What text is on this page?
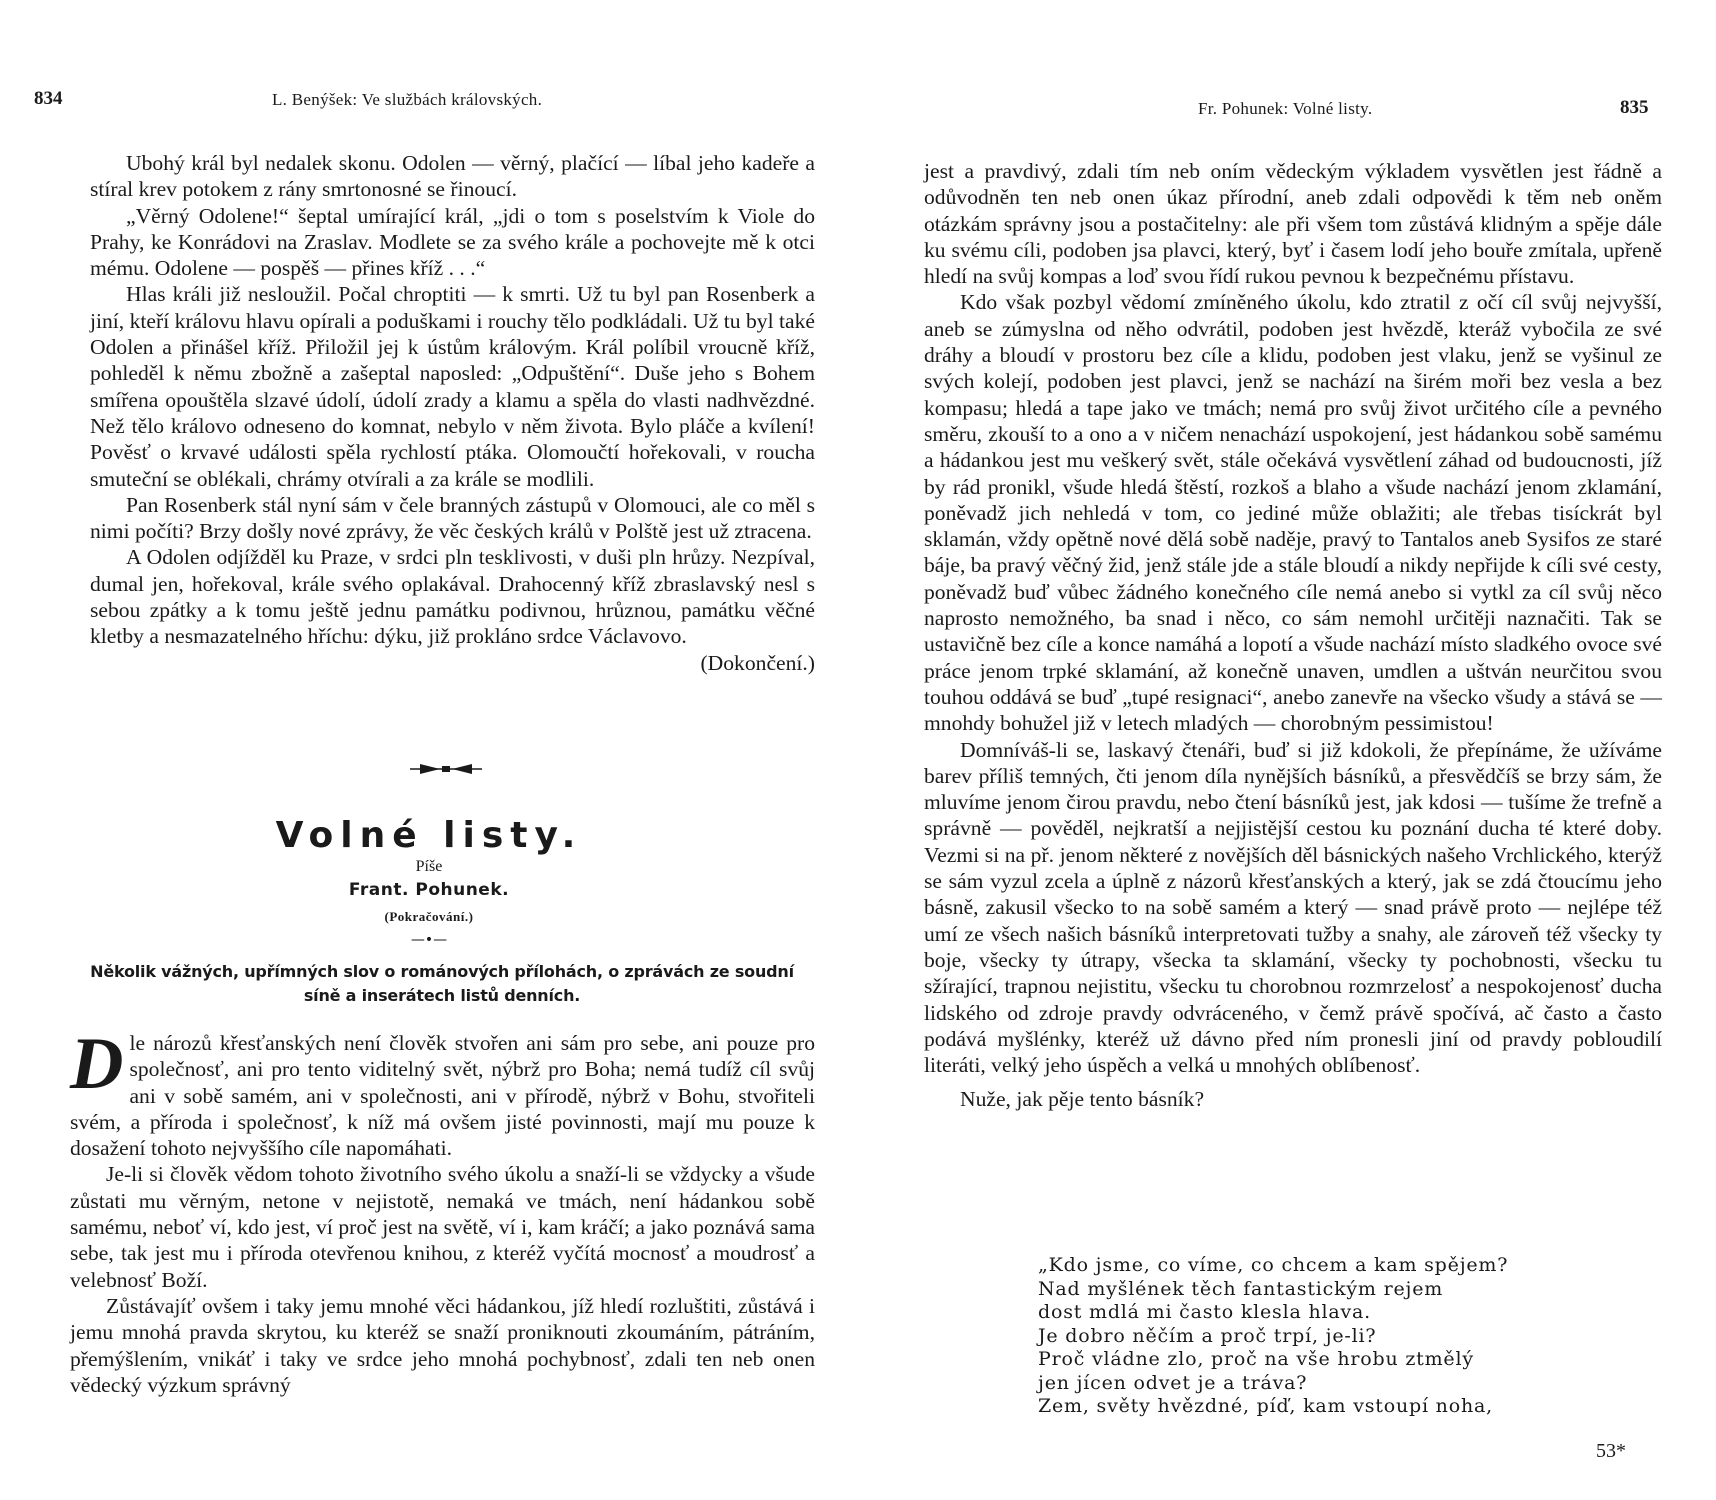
834	L. Benýšek: Ve službách královských.

Ubohý král byl nedalek skonu. Odolen — věrný, plačící — líbal jeho kadeře a stíral krev potokem z rány smrtonosné se řinoucí.

„Věrný Odolene!“ šeptal umírající král, „jdi o tom s poselstvím k Viole do Prahy, ke Konrádovi na Zraslav. Modlete se za svého krále a pochovejte mě k otci mému. Odolene — pospěš — přines kříž . . .“

Hlas králi již nesloužil. Počal chroptiti — k smrti. Už tu byl pan Rosenberk a jiní, kteří královu hlavu opírali a poduškami i rouchy tělo podkládali. Už tu byl také Odolen a přinášel kříž. Přiložil jej k ústům královým. Král políbil vroucně kříž, pohleděl k němu zbožně a zašeptal naposled: „Odpuštění“. Duše jeho s Bohem smířena opouštěla slzavé údolí, údolí zrady a klamu a spěla do vlasti nadhvězdné. Než tělo královo odneseno do komnat, nebylo v něm života. Bylo pláče a kvílení! Pověsť o krvavé události spěla rychlostí ptáka. Olomoučtí hořekovali, v roucha smuteční se oblékali, chrámy otvírali a za krále se modlili.

Pan Rosenberk stál nyní sám v čele branných zástupů v Olomouci, ale co měl s nimi počíti? Brzy došly nové zprávy, že věc českých králů v Polště jest už ztracena.

A Odolen odjížděl ku Praze, v srdci pln tesklivosti, v duši pln hrůzy. Nezpíval, dumal jen, hořekoval, krále svého oplakával. Drahocenný kříž zbraslavský nesl s sebou zpátky a k tomu ještě jednu památku podivnou, hrůznou, památku věčné kletby a nesmazatelného hříchu: dýku, již prokláno srdce Václavovo.

(Dokončení.)

Volné listy.
Píše
Frant. Pohunek.
(Pokračování.)
—•—
Několik vážných, upřímných slov o románových přílohách, o zprávách ze soudní síně a inserátech listů denních.

Dle nározů křesťanských není člověk stvořen ani sám pro sebe, ani pouze pro společnosť, ani pro tento viditelný svět, nýbrž pro Boha; nemá tudíž cíl svůj ani v sobě samém, ani v společnosti, ani v přírodě, nýbrž v Bohu, stvořiteli svém, a příroda i společnosť, k níž má ovšem jisté povinnosti, mají mu pouze k dosažení tohoto nejvyššího cíle napomáhati.

Je-li si člověk vědom tohoto životního svého úkolu a snaží-li se vždycky a všude zůstati mu věrným, netone v nejistotě, nemaká ve tmách, není hádankou sobě samému, neboť ví, kdo jest, ví proč jest na světě, ví i, kam kráčí; a jako poznává sama sebe, tak jest mu i příroda otevřenou knihou, z kteréž vyčítá mocnosť a moudrosť a velebnosť Boží.

Zůstávajíť ovšem i taky jemu mnohé věci hádankou, jíž hledí rozluštiti, zůstává i jemu mnohá pravda skrytou, ku kteréž se snaží proniknouti zkoumáním, pátráním, přemýšlením, vnikáť i taky ve srdce jeho mnohá pochybnosť, zdali ten neb onen vědecký výzkum správný

Fr. Pohunek: Volné listy.	835

jest a pravdivý, zdali tím neb oním vědeckým výkladem vysvětlen jest řádně a odůvodněn ten neb onen úkaz přírodní, aneb zdali odpovědi k těm neb oněm otázkám správny jsou a postačitelny: ale při všem tom zůstává klidným a spěje dále ku svému cíli, podoben jsa plavci, který, byť i časem lodí jeho bouře zmítala, upřeně hledí na svůj kompas a loď svou řídí rukou pevnou k bezpečnému přístavu.

Kdo však pozbyl vědomí zmíněného úkolu, kdo ztratil z očí cíl svůj nejvyšší, aneb se zúmyslna od něho odvrátil, podoben jest hvězdě, kteráž vybočila ze své dráhy a bloudí v prostoru bez cíle a klidu, podoben jest vlaku, jenž se vyšinul ze svých kolejí, podoben jest plavci, jenž se nachází na širém moři bez vesla a bez kompasu; hledá a tape jako ve tmách; nemá pro svůj život určitého cíle a pevného směru, zkouší to a ono a v ničem nenachází uspokojení, jest hádankou sobě samému a hádankou jest mu veškerý svět, stále očekává vysvětlení záhad od budoucnosti, jíž by rád pronikl, všude hledá štěstí, rozkoš a blaho a všude nachází jenom zklamání, poněvadž jich nehledá v tom, co jediné může oblažiti; ale třebas tisíckrát byl sklamán, vždy opětně nové dělá sobě naděje, pravý to Tantalos aneb Sysifos ze staré báje, ba pravý věčný žid, jenž stále jde a stále bloudí a nikdy nepřijde k cíli své cesty, poněvadž buď vůbec žádného konečného cíle nemá anebo si vytkl za cíl svůj něco naprosto nemožného, ba snad i něco, co sám nemohl určitěji naznačiti. Tak se ustavičně bez cíle a konce namáhá a lopotí a všude nachází místo sladkého ovoce své práce jenom trpké sklamání, až konečně unaven, umdlen a uštván neurčitou svou touhou oddává se buď „tupé resignaci“, anebo zanevře na všecko všudy a stává se — mnohdy bohužel již v letech mladých — chorobným pessimistou!

Domníváš-li se, laskavý čtenáři, buď si již kdokoli, že přepínáme, že užíváme barev příliš temných, čti jenom díla nynějších básníků, a přesvědčíš se brzy sám, že mluvíme jenom čirou pravdu, nebo čtení básníků jest, jak kdosi — tušíme že trefně a správně — pověděl, nejkratší a nejjistější cestou ku poznání ducha té které doby. Vezmi si na př. jenom některé z novějších děl básnických našeho Vrchlického, kterýž se sám vyzul zcela a úplně z názorů křesťanských a který, jak se zdá čtoucímu jeho básně, zakusil všecko to na sobě samém a který — snad právě proto — nejlépe též umí ze všech našich básníků interpretovati tužby a snahy, ale zároveň též všecky ty boje, všecky ty útrapy, všecka ta sklamání, všecky ty pochobnosti, všecku tu sžírající, trapnou nejistitu, všecku tu chorobnou rozmrzelosť a nespokojenosť ducha lidského od zdroje pravdy odvráceného, v čemž právě spočívá, ač často a často podává myšlénky, kteréž už dávno před ním pronesli jiní od pravdy pobloudilí literáti, velký jeho úspěch a velká u mnohých oblíbenosť.

Nuže, jak pěje tento básník?

„Kdo jsme, co víme, co chcem a kam spějem?

Nad myšlének těch fantastickým rejem

dost mdlá mi často klesla hlava.

Je dobro něčím a proč trpí, je-li?

Proč vládne zlo, proč na vše hrobu ztmělý

jen jícen odvet je a tráva?

Zem, světy hvězdné, píď, kam vstoupí noha,

53*
